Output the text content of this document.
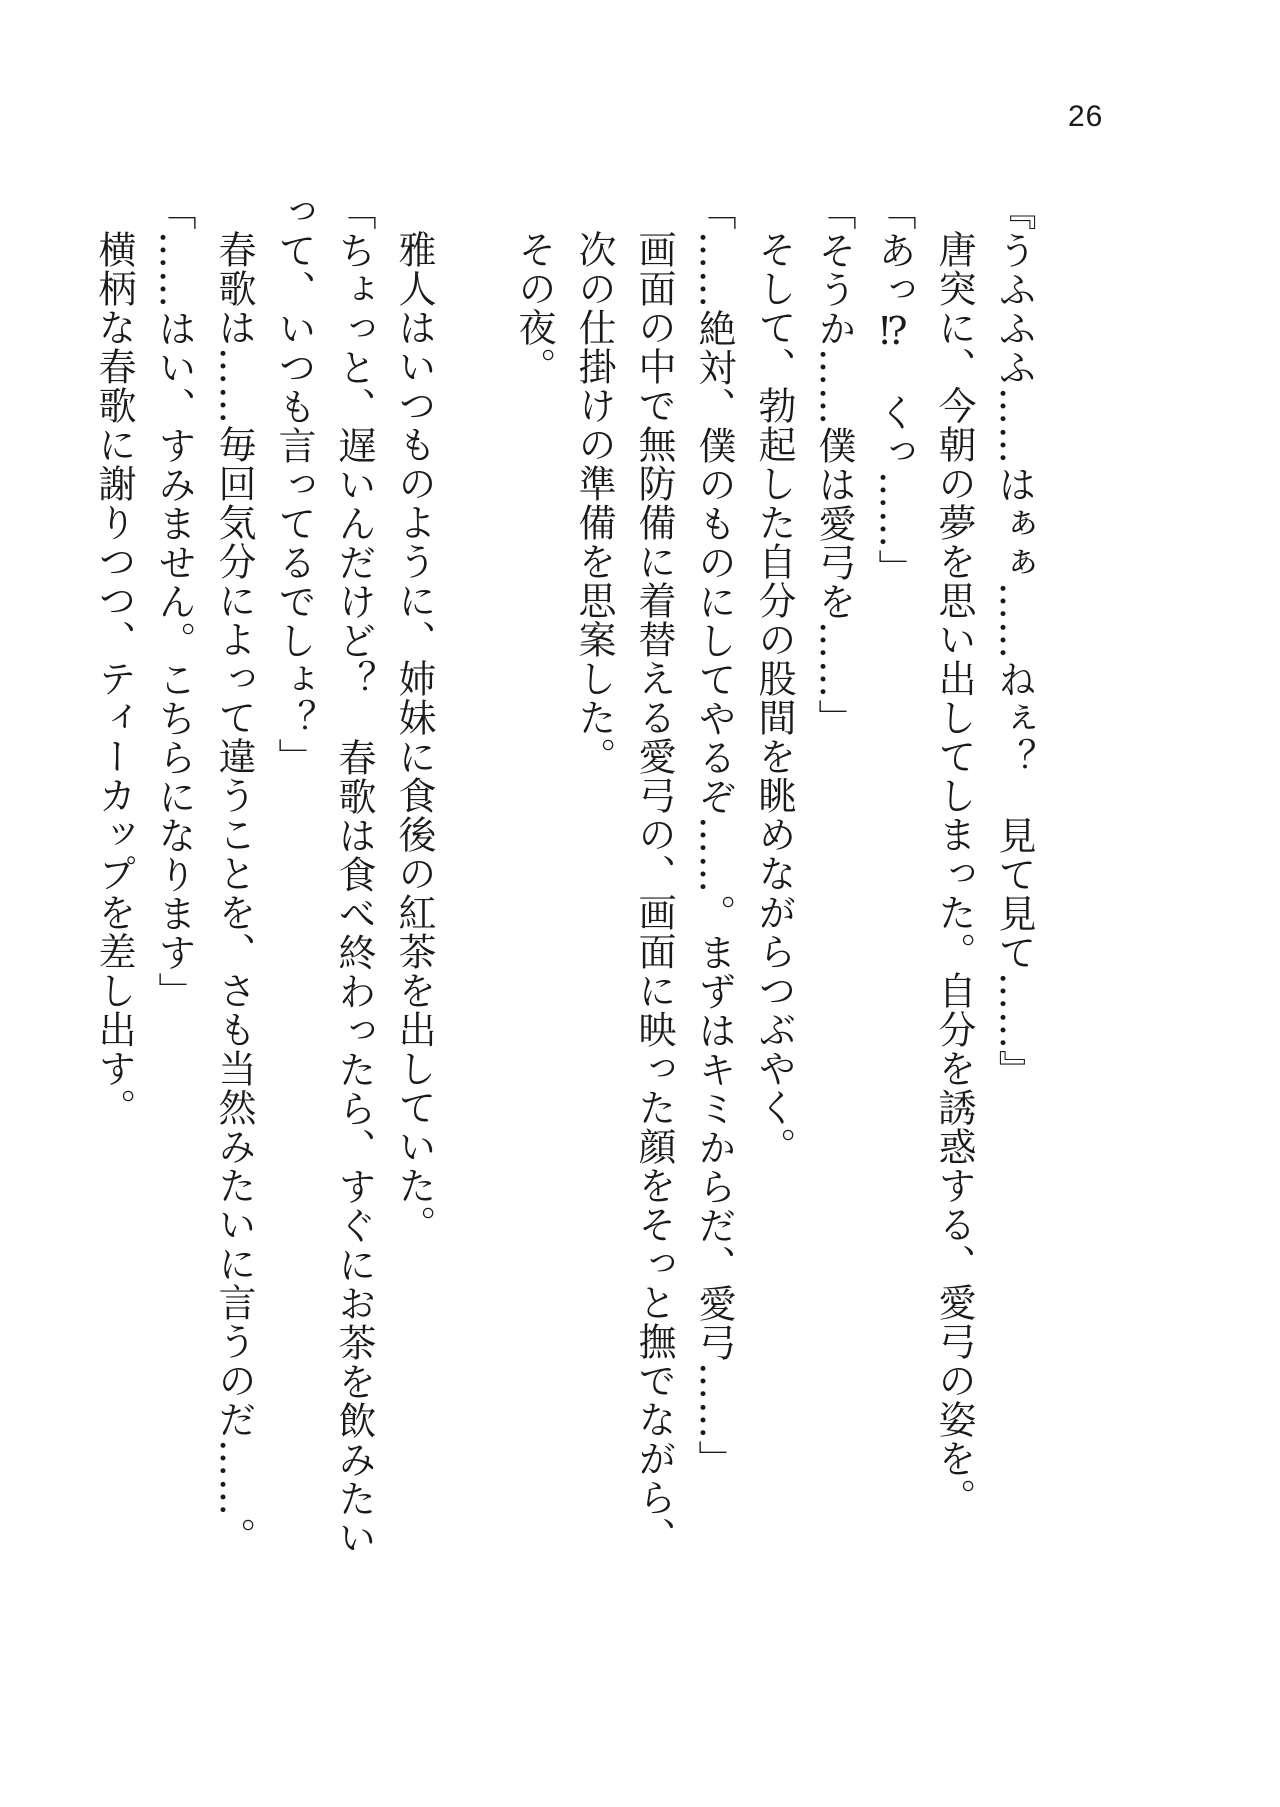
26
『うふふふ……はぁぁ……ねぇ？　見て見て……』
唐突に、今朝の夢を思い出してしまった。自分を誘惑する、愛弓の姿を。
「あっ⁉　くっ……」
「そうか……僕は愛弓を……」
そして、勃起した自分の股間を眺めながらつぶやく。
「……絶対、僕のものにしてやるぞ……。まずはキミからだ、愛弓……」
画面の中で無防備に着替える愛弓の、画面に映った顔をそっと撫でながら、次の仕掛けの準備を思案した。
その夜。
雅人はいつものように、姉妹に食後の紅茶を出していた。
「ちょっと、遅いんだけど？　春歌は食べ終わったら、すぐにお茶を飲みたいって、いつも言ってるでしょ？」
春歌は……毎回気分によって違うことを、さも当然みたいに言うのだ……。
「……はい、すみません。こちらになります」
横柄な春歌に謝りつつ、ティーカップを差し出す。
